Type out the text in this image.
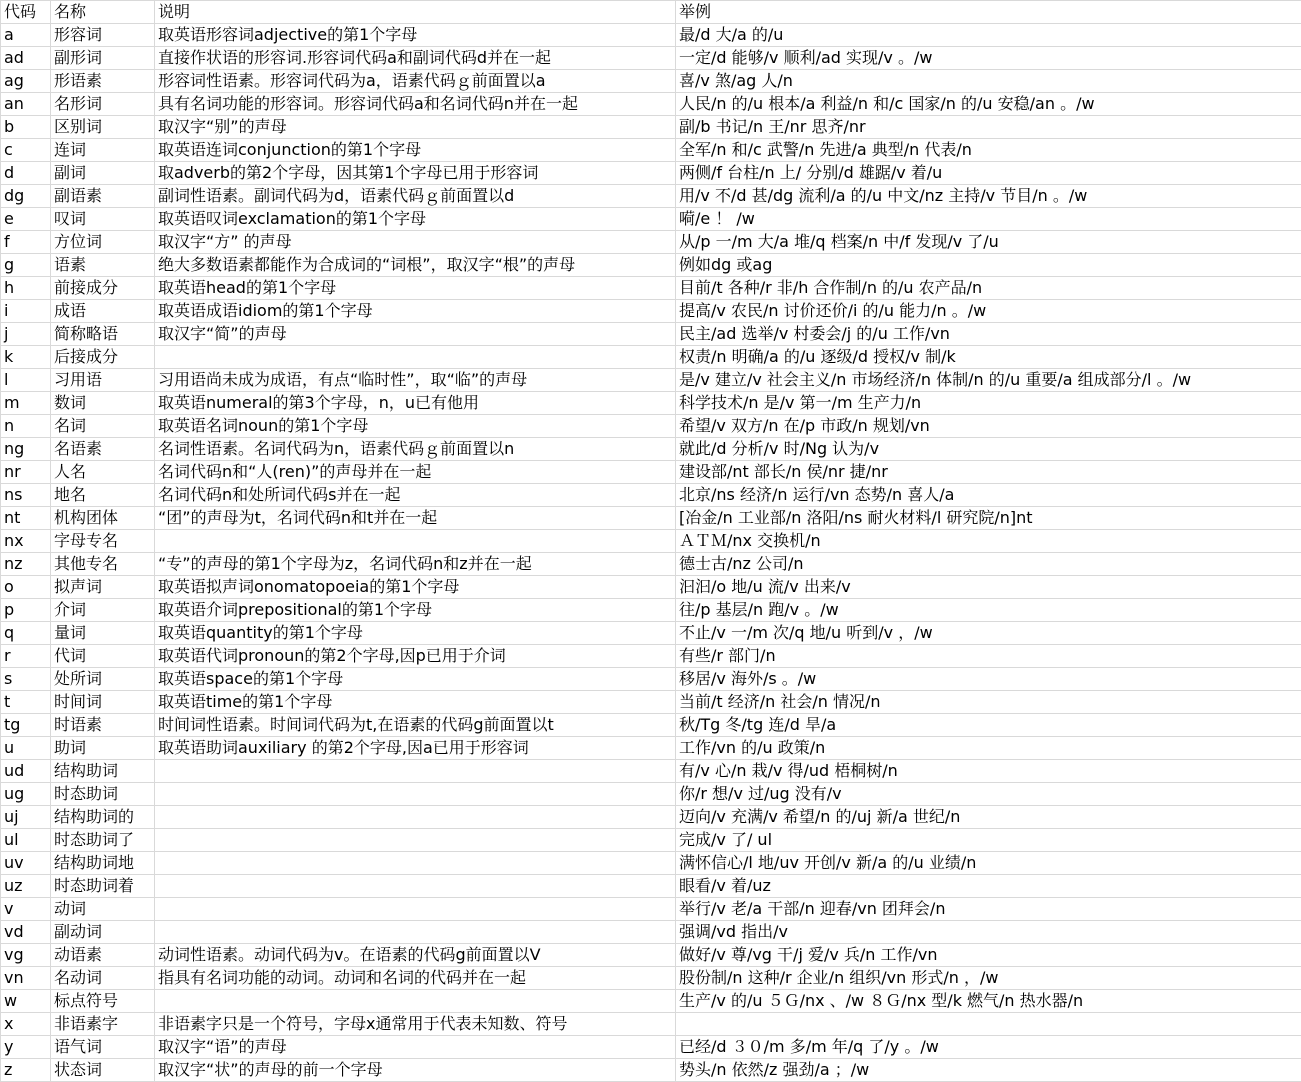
代码	名称	说明	举例
a	形容词	取英语形容词adjective的第1个字母	最/d 大/a 的/u
ad	副形词	直接作状语的形容词.形容词代码a和副词代码d并在一起	一定/d 能够/v 顺利/ad 实现/v 。/w
ag	形语素	形容词性语素。形容词代码为a，语素代码ｇ前面置以a	喜/v 煞/ag 人/n
an	名形词	具有名词功能的形容词。形容词代码a和名词代码n并在一起	人民/n 的/u 根本/a 利益/n 和/c 国家/n 的/u 安稳/an 。/w
b	区别词	取汉字“别”的声母	副/b 书记/n 王/nr 思齐/nr
c	连词	取英语连词conjunction的第1个字母	全军/n 和/c 武警/n 先进/a 典型/n 代表/n
d	副词	取adverb的第2个字母，因其第1个字母已用于形容词	两侧/f 台柱/n 上/ 分别/d 雄踞/v 着/u
dg	副语素	副词性语素。副词代码为d，语素代码ｇ前面置以d	用/v 不/d 甚/dg 流利/a 的/u 中文/nz 主持/v 节目/n 。/w
e	叹词	取英语叹词exclamation的第1个字母	嗬/e ！ /w
f	方位词	取汉字“方” 的声母	从/p 一/m 大/a 堆/q 档案/n 中/f 发现/v 了/u
g	语素	绝大多数语素都能作为合成词的“词根”，取汉字“根”的声母	例如dg 或ag
h	前接成分	取英语head的第1个字母	目前/t 各种/r 非/h 合作制/n 的/u 农产品/n
i	成语	取英语成语idiom的第1个字母	提高/v 农民/n 讨价还价/i 的/u 能力/n 。/w
j	简称略语	取汉字“简”的声母	民主/ad 选举/v 村委会/j 的/u 工作/vn
k	后接成分		权责/n 明确/a 的/u 逐级/d 授权/v 制/k
l	习用语	习用语尚未成为成语，有点“临时性”，取“临”的声母	是/v 建立/v 社会主义/n 市场经济/n 体制/n 的/u 重要/a 组成部分/l 。/w
m	数词	取英语numeral的第3个字母，n，u已有他用	科学技术/n 是/v 第一/m 生产力/n
n	名词	取英语名词noun的第1个字母	希望/v 双方/n 在/p 市政/n 规划/vn
ng	名语素	名词性语素。名词代码为n，语素代码ｇ前面置以n	就此/d 分析/v 时/Ng 认为/v
nr	人名	名词代码n和“人(ren)”的声母并在一起	建设部/nt 部长/n 侯/nr 捷/nr
ns	地名	名词代码n和处所词代码s并在一起	北京/ns 经济/n 运行/vn 态势/n 喜人/a
nt	机构团体	“团”的声母为t，名词代码n和t并在一起	[冶金/n 工业部/n 洛阳/ns 耐火材料/l 研究院/n]nt
nx	字母专名		ＡＴＭ/nx 交换机/n
nz	其他专名	“专”的声母的第1个字母为z，名词代码n和z并在一起	德士古/nz 公司/n
o	拟声词	取英语拟声词onomatopoeia的第1个字母	汩汩/o 地/u 流/v 出来/v
p	介词	取英语介词prepositional的第1个字母	往/p 基层/n 跑/v 。/w
q	量词	取英语quantity的第1个字母	不止/v 一/m 次/q 地/u 听到/v ，/w
r	代词	取英语代词pronoun的第2个字母,因p已用于介词	有些/r 部门/n
s	处所词	取英语space的第1个字母	移居/v 海外/s 。/w
t	时间词	取英语time的第1个字母	当前/t 经济/n 社会/n 情况/n
tg	时语素	时间词性语素。时间词代码为t,在语素的代码g前面置以t	秋/Tg 冬/tg 连/d 旱/a
u	助词	取英语助词auxiliary 的第2个字母,因a已用于形容词	工作/vn 的/u 政策/n
ud	结构助词		有/v 心/n 栽/v 得/ud 梧桐树/n
ug	时态助词		你/r 想/v 过/ug 没有/v
uj	结构助词的		迈向/v 充满/v 希望/n 的/uj 新/a 世纪/n
ul	时态助词了		完成/v 了/ ul
uv	结构助词地		满怀信心/l 地/uv 开创/v 新/a 的/u 业绩/n
uz	时态助词着		眼看/v 着/uz
v	动词		举行/v 老/a 干部/n 迎春/vn 团拜会/n
vd	副动词		强调/vd 指出/v
vg	动语素	动词性语素。动词代码为v。在语素的代码g前面置以V	做好/v 尊/vg 干/j 爱/v 兵/n 工作/vn
vn	名动词	指具有名词功能的动词。动词和名词的代码并在一起	股份制/n 这种/r 企业/n 组织/vn 形式/n ，/w
w	标点符号		生产/v 的/u ５Ｇ/nx 、/w ８Ｇ/nx 型/k 燃气/n 热水器/n
x	非语素字	非语素字只是一个符号，字母x通常用于代表未知数、符号	
y	语气词	取汉字“语”的声母	已经/d ３０/m 多/m 年/q 了/y 。/w
z	状态词	取汉字“状”的声母的前一个字母	势头/n 依然/z 强劲/a ；/w
